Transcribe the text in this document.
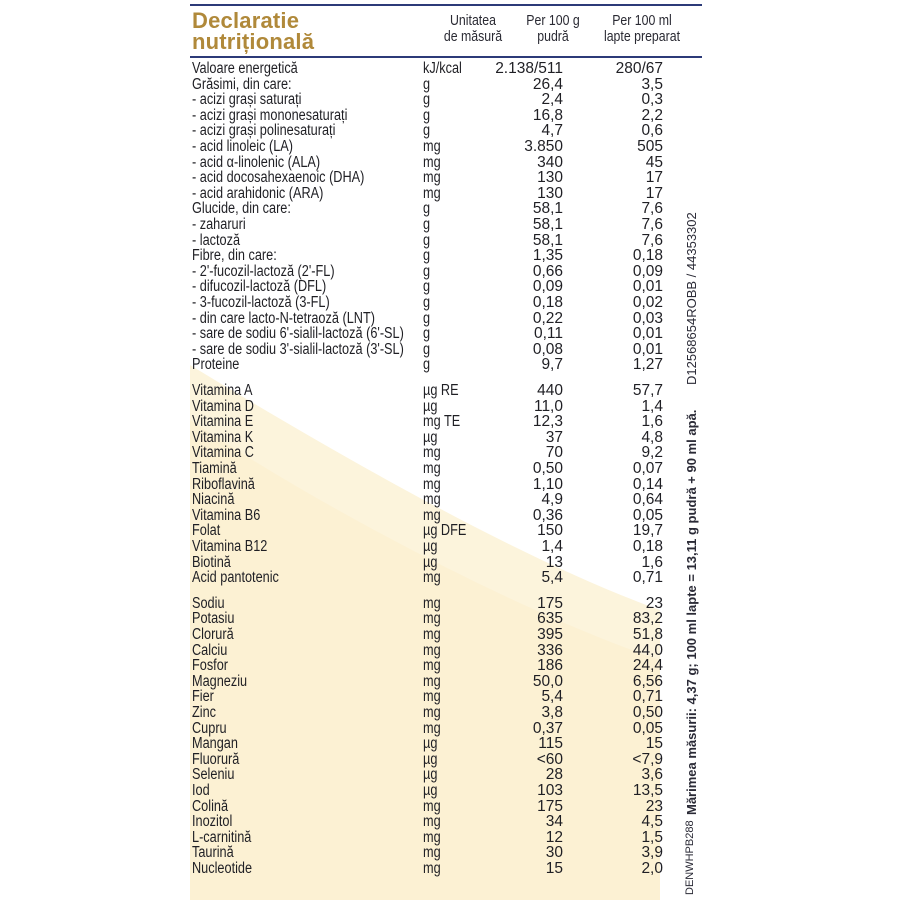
Declaratie
nutrițională
Unitatea
de măsură
Per 100 g
pudră
Per 100 ml
lapte preparat
Valoare energetică	kJ/kcal 2.138/511	280/67
Grăsimi, din care:	g	26,4	3,5
- acizi grași saturați	g	2,4	0,3
- acizi grași mononesaturați	g	16,8	2,2
- acizi grași polinesaturați	g	4,7	0,6
- acid linoleic (LA)	mg	3.850	505
- acid α-linolenic (ALA)	mg	340	45
- acid docosahexaenoic (DHA)	mg	130	17
- acid arahidonic (ARA)	mg	130	17
Glucide, din care:	g	58,1	7,6
- zaharuri	g	58,1	7,6
- lactoză	g	58,1	7,6
Fibre, din care:	g	1,35	0,18
- 2'-fucozil-lactoză (2'-FL)	g	0,66	0,09
- difucozil-lactoză (DFL)	g	0,09	0,01
- 3-fucozil-lactoză (3-FL)	g	0,18	0,02
- din care lacto-N-tetraoză (LNT)	g	0,22	0,03
- sare de sodiu 6'-sialil-lactoză (6'-SL) g	0,11	0,01
- sare de sodiu 3'-sialil-lactoză (3'-SL) g	0,08	0,01
Proteine	g	9,7	1,27
Vitamina A	µg RE	440	57,7
Vitamina D	µg	11,0	1,4
Vitamina E	mg TE	12,3	1,6
Vitamina K	µg	37	4,8
Vitamina C	mg	70	9,2
Tiamină	mg	0,50	0,07
Riboflavină	mg	1,10	0,14
Niacină	mg	4,9	0,64
Vitamina B6	mg	0,36	0,05
Folat	µg DFE	150	19,7
Vitamina B12	µg	1,4	0,18
Biotină	µg	13	1,6
Acid pantotenic	mg	5,4	0,71
Sodiu	mg	175	23
Potasiu	mg	635	83,2
Clorură	mg	395	51,8
Calciu	mg	336	44,0
Fosfor	mg	186	24,4
Magneziu	mg	50,0	6,56
Fier	mg	5,4	0,71
Zinc	mg	3,8	0,50
Cupru	mg	0,37	0,05
Mangan	µg	115	15
Fluorură	µg	<60	<7,9
Seleniu	µg	28	3,6
Iod	µg	103	13,5
Colină	mg	175	23
Inozitol	mg	34	4,5
L-carnitină	mg	12	1,5
Taurină	mg	30	3,9
Nucleotide	mg	15	2,0
Mărimea măsurii: 4,37 g; 100 ml lapte = 13,11 g pudră + 90 ml apă.
D12568654ROBB / 44353302
DENWHPB288
